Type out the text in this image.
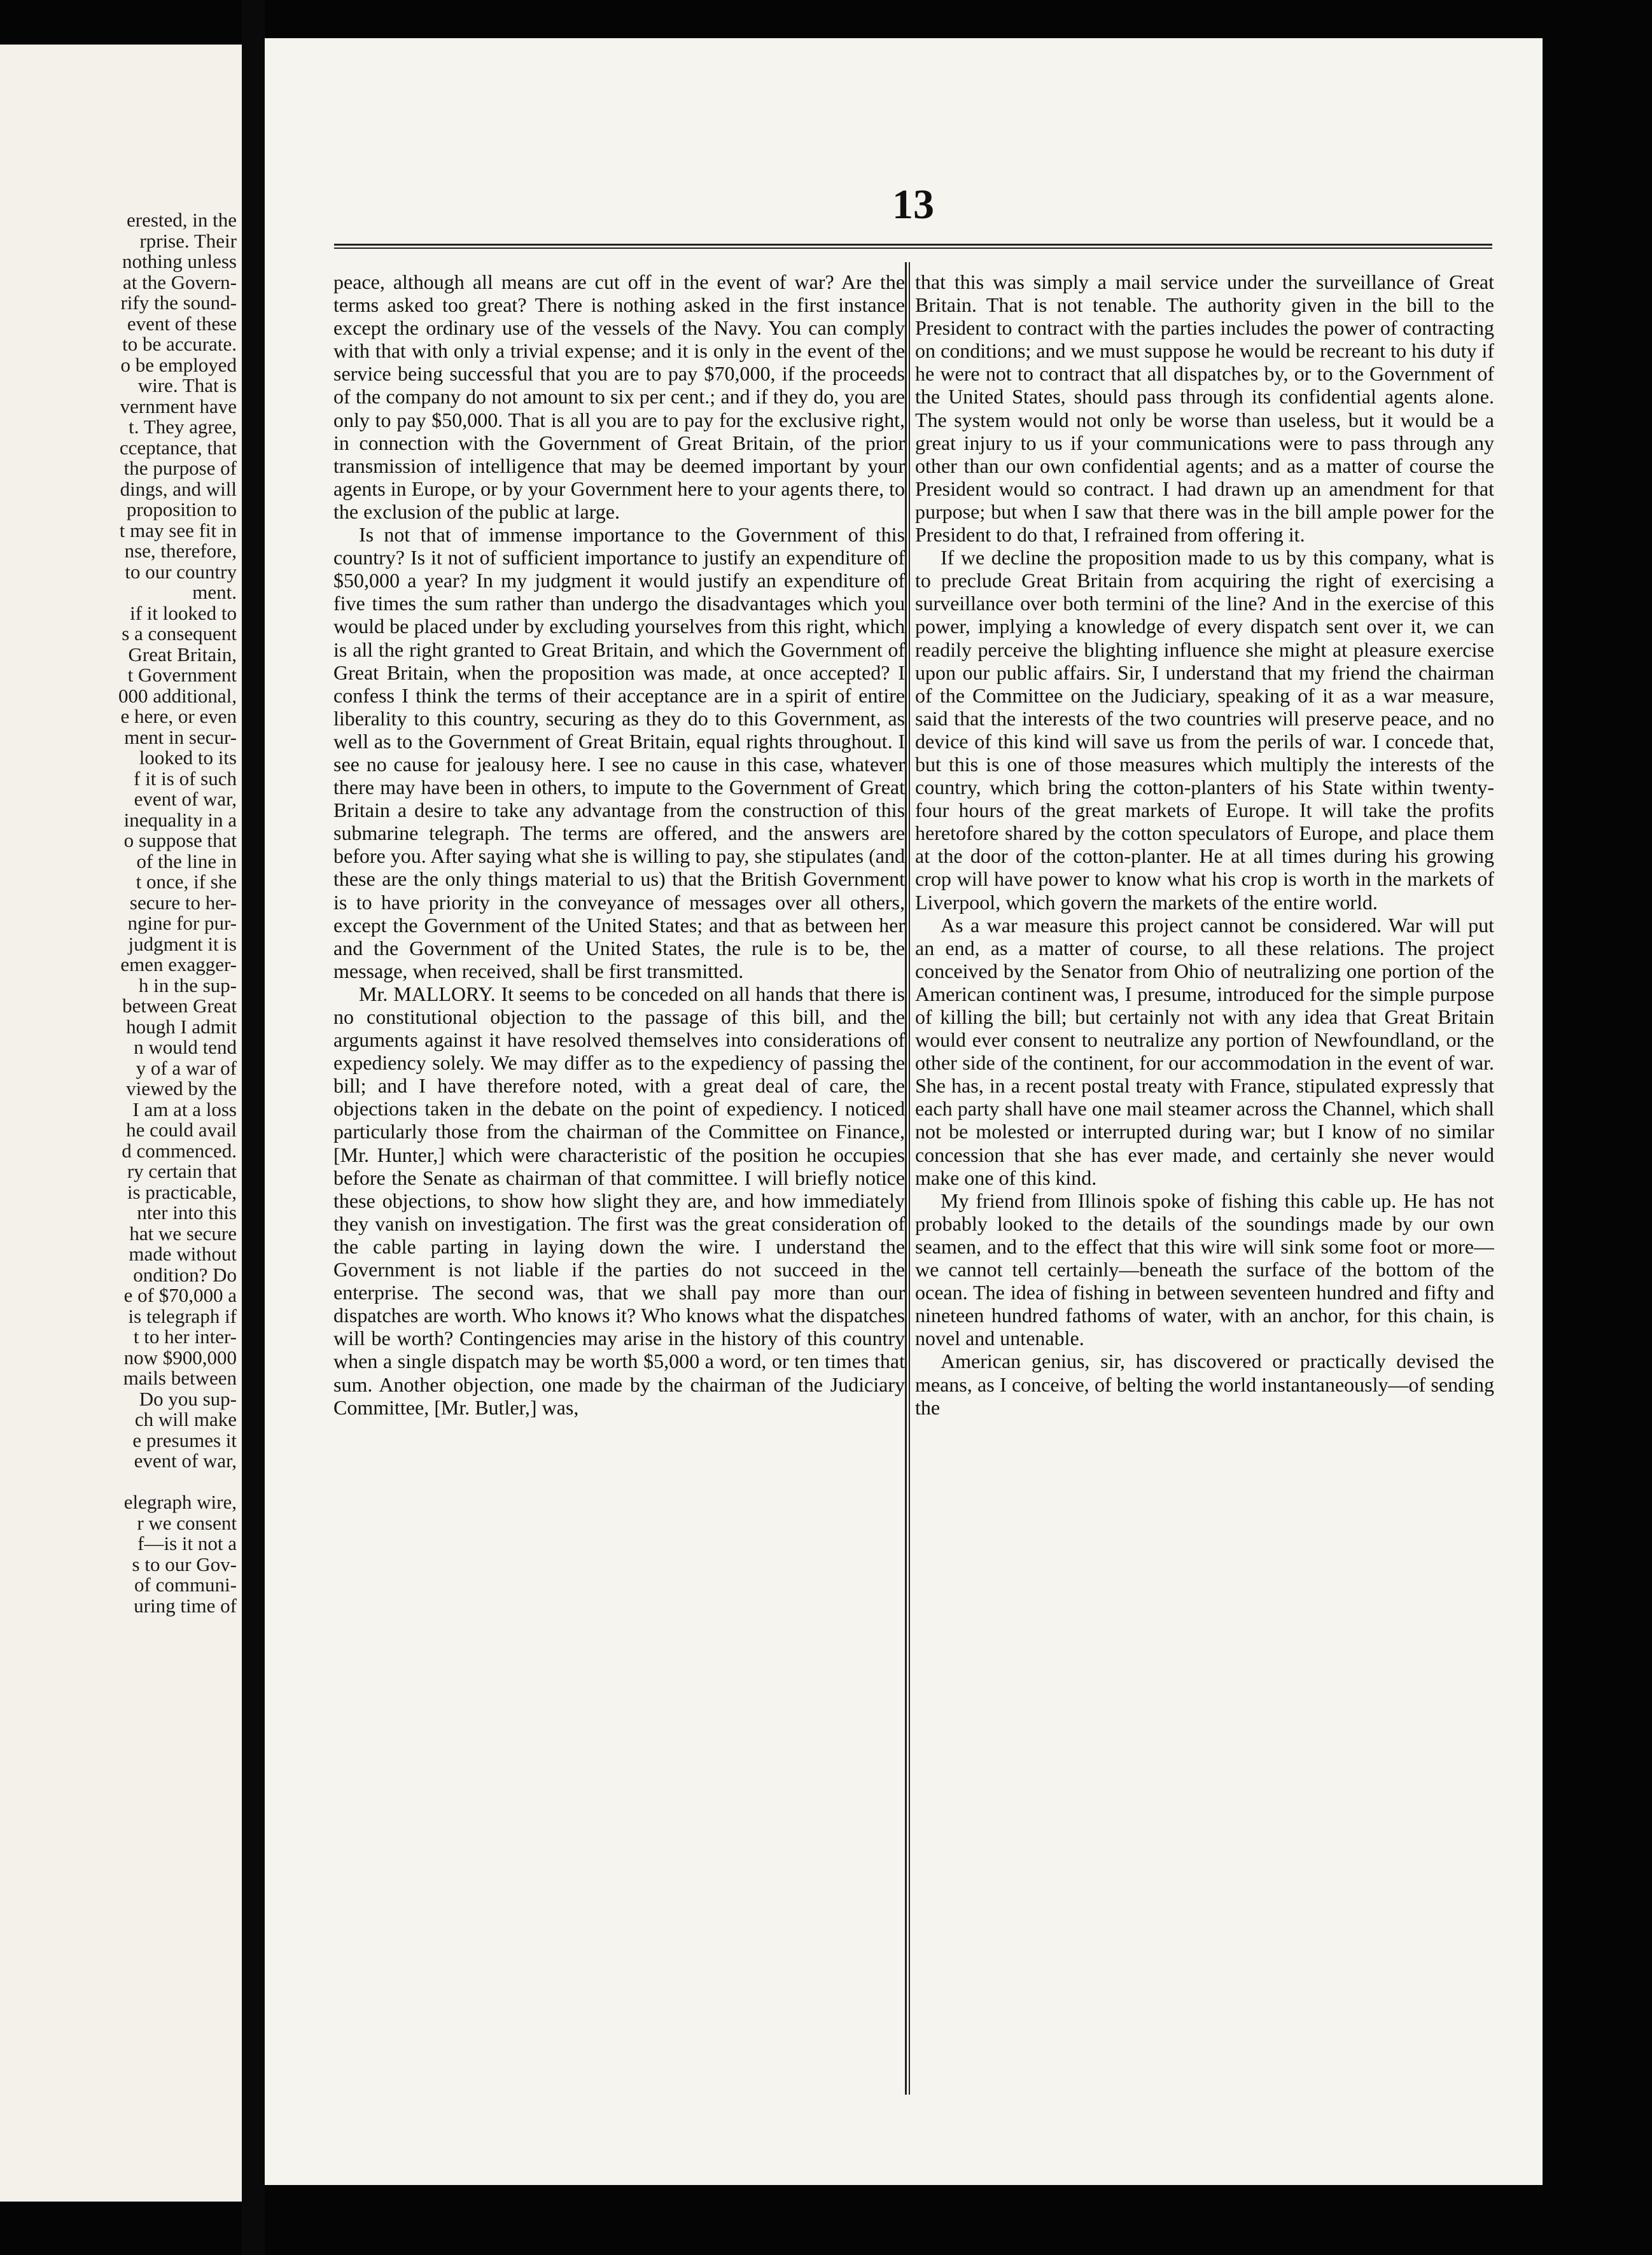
erested, in the
rprise. Their
nothing unless
at the Govern-
rify the sound-
event of these
to be accurate.
o be employed
wire. That is
vernment have
t. They agree,
cceptance, that
the purpose of
dings, and will
proposition to
t may see fit in
nse, therefore,
to our country
ment.
if it looked to
s a consequent
Great Britain,
t Government
000 additional,
e here, or even
ment in secur-
looked to its
f it is of such
event of war,
inequality in a
o suppose that
of the line in
t once, if she
secure to her-
ngine for pur-
judgment it is
emen exagger-
h in the sup-
between Great
hough I admit
n would tend
y of a war of
viewed by the
I am at a loss
he could avail
d commenced.
ry certain that
is practicable,
nter into this
hat we secure
made without
ondition? Do
e of $70,000 a
is telegraph if
t to her inter-
now $900,000
mails between
Do you sup-
ch will make
e presumes it
event of war,
elegraph wire,
r we consent
f—is it not a
s to our Gov-
of communi-
uring time of
13

peace, although all means are cut off in the event of war? Are the terms asked too great? There is nothing asked in the first instance except the ordinary use of the vessels of the Navy. You can comply with that with only a trivial expense; and it is only in the event of the service being successful that you are to pay $70,000, if the proceeds of the company do not amount to six per cent.; and if they do, you are only to pay $50,000. That is all you are to pay for the exclusive right, in connection with the Government of Great Britain, of the prior transmission of intelligence that may be deemed important by your agents in Europe, or by your Government here to your agents there, to the exclusion of the public at large.

Is not that of immense importance to the Government of this country? Is it not of sufficient importance to justify an expenditure of $50,000 a year? In my judgment it would justify an expenditure of five times the sum rather than undergo the disadvantages which you would be placed under by excluding yourselves from this right, which is all the right granted to Great Britain, and which the Government of Great Britain, when the proposition was made, at once accepted? I confess I think the terms of their acceptance are in a spirit of entire liberality to this country, securing as they do to this Government, as well as to the Government of Great Britain, equal rights throughout. I see no cause for jealousy here. I see no cause in this case, whatever there may have been in others, to impute to the Government of Great Britain a desire to take any advantage from the construction of this submarine telegraph. The terms are offered, and the answers are before you. After saying what she is willing to pay, she stipulates (and these are the only things material to us) that the British Government is to have priority in the conveyance of messages over all others, except the Government of the United States; and that as between her and the Government of the United States, the rule is to be, the message, when received, shall be first transmitted.

Mr. MALLORY. It seems to be conceded on all hands that there is no constitutional objection to the passage of this bill, and the arguments against it have resolved themselves into considerations of expediency solely. We may differ as to the expediency of passing the bill; and I have therefore noted, with a great deal of care, the objections taken in the debate on the point of expediency. I noticed particularly those from the chairman of the Committee on Finance, [Mr. Hunter,] which were characteristic of the position he occupies before the Senate as chairman of that committee. I will briefly notice these objections, to show how slight they are, and how immediately they vanish on investigation. The first was the great consideration of the cable parting in laying down the wire. I understand the Government is not liable if the parties do not succeed in the enterprise. The second was, that we shall pay more than our dispatches are worth. Who knows it? Who knows what the dispatches will be worth? Contingencies may arise in the history of this country when a single dispatch may be worth $5,000 a word, or ten times that sum. Another objection, one made by the chairman of the Judiciary Committee, [Mr. Butler,] was,

that this was simply a mail service under the surveillance of Great Britain. That is not tenable. The authority given in the bill to the President to contract with the parties includes the power of contracting on conditions; and we must suppose he would be recreant to his duty if he were not to contract that all dispatches by, or to the Government of the United States, should pass through its confidential agents alone. The system would not only be worse than useless, but it would be a great injury to us if your communications were to pass through any other than our own confidential agents; and as a matter of course the President would so contract. I had drawn up an amendment for that purpose; but when I saw that there was in the bill ample power for the President to do that, I refrained from offering it.

If we decline the proposition made to us by this company, what is to preclude Great Britain from acquiring the right of exercising a surveillance over both termini of the line? And in the exercise of this power, implying a knowledge of every dispatch sent over it, we can readily perceive the blighting influence she might at pleasure exercise upon our public affairs. Sir, I understand that my friend the chairman of the Committee on the Judiciary, speaking of it as a war measure, said that the interests of the two countries will preserve peace, and no device of this kind will save us from the perils of war. I concede that, but this is one of those measures which multiply the interests of the country, which bring the cotton-planters of his State within twenty-four hours of the great markets of Europe. It will take the profits heretofore shared by the cotton speculators of Europe, and place them at the door of the cotton-planter. He at all times during his growing crop will have power to know what his crop is worth in the markets of Liverpool, which govern the markets of the entire world.

As a war measure this project cannot be considered. War will put an end, as a matter of course, to all these relations. The project conceived by the Senator from Ohio of neutralizing one portion of the American continent was, I presume, introduced for the simple purpose of killing the bill; but certainly not with any idea that Great Britain would ever consent to neutralize any portion of Newfoundland, or the other side of the continent, for our accommodation in the event of war. She has, in a recent postal treaty with France, stipulated expressly that each party shall have one mail steamer across the Channel, which shall not be molested or interrupted during war; but I know of no similar concession that she has ever made, and certainly she never would make one of this kind.

My friend from Illinois spoke of fishing this cable up. He has not probably looked to the details of the soundings made by our own seamen, and to the effect that this wire will sink some foot or more—we cannot tell certainly—beneath the surface of the bottom of the ocean. The idea of fishing in between seventeen hundred and fifty and nineteen hundred fathoms of water, with an anchor, for this chain, is novel and untenable.

American genius, sir, has discovered or practically devised the means, as I conceive, of belting the world instantaneously—of sending the
